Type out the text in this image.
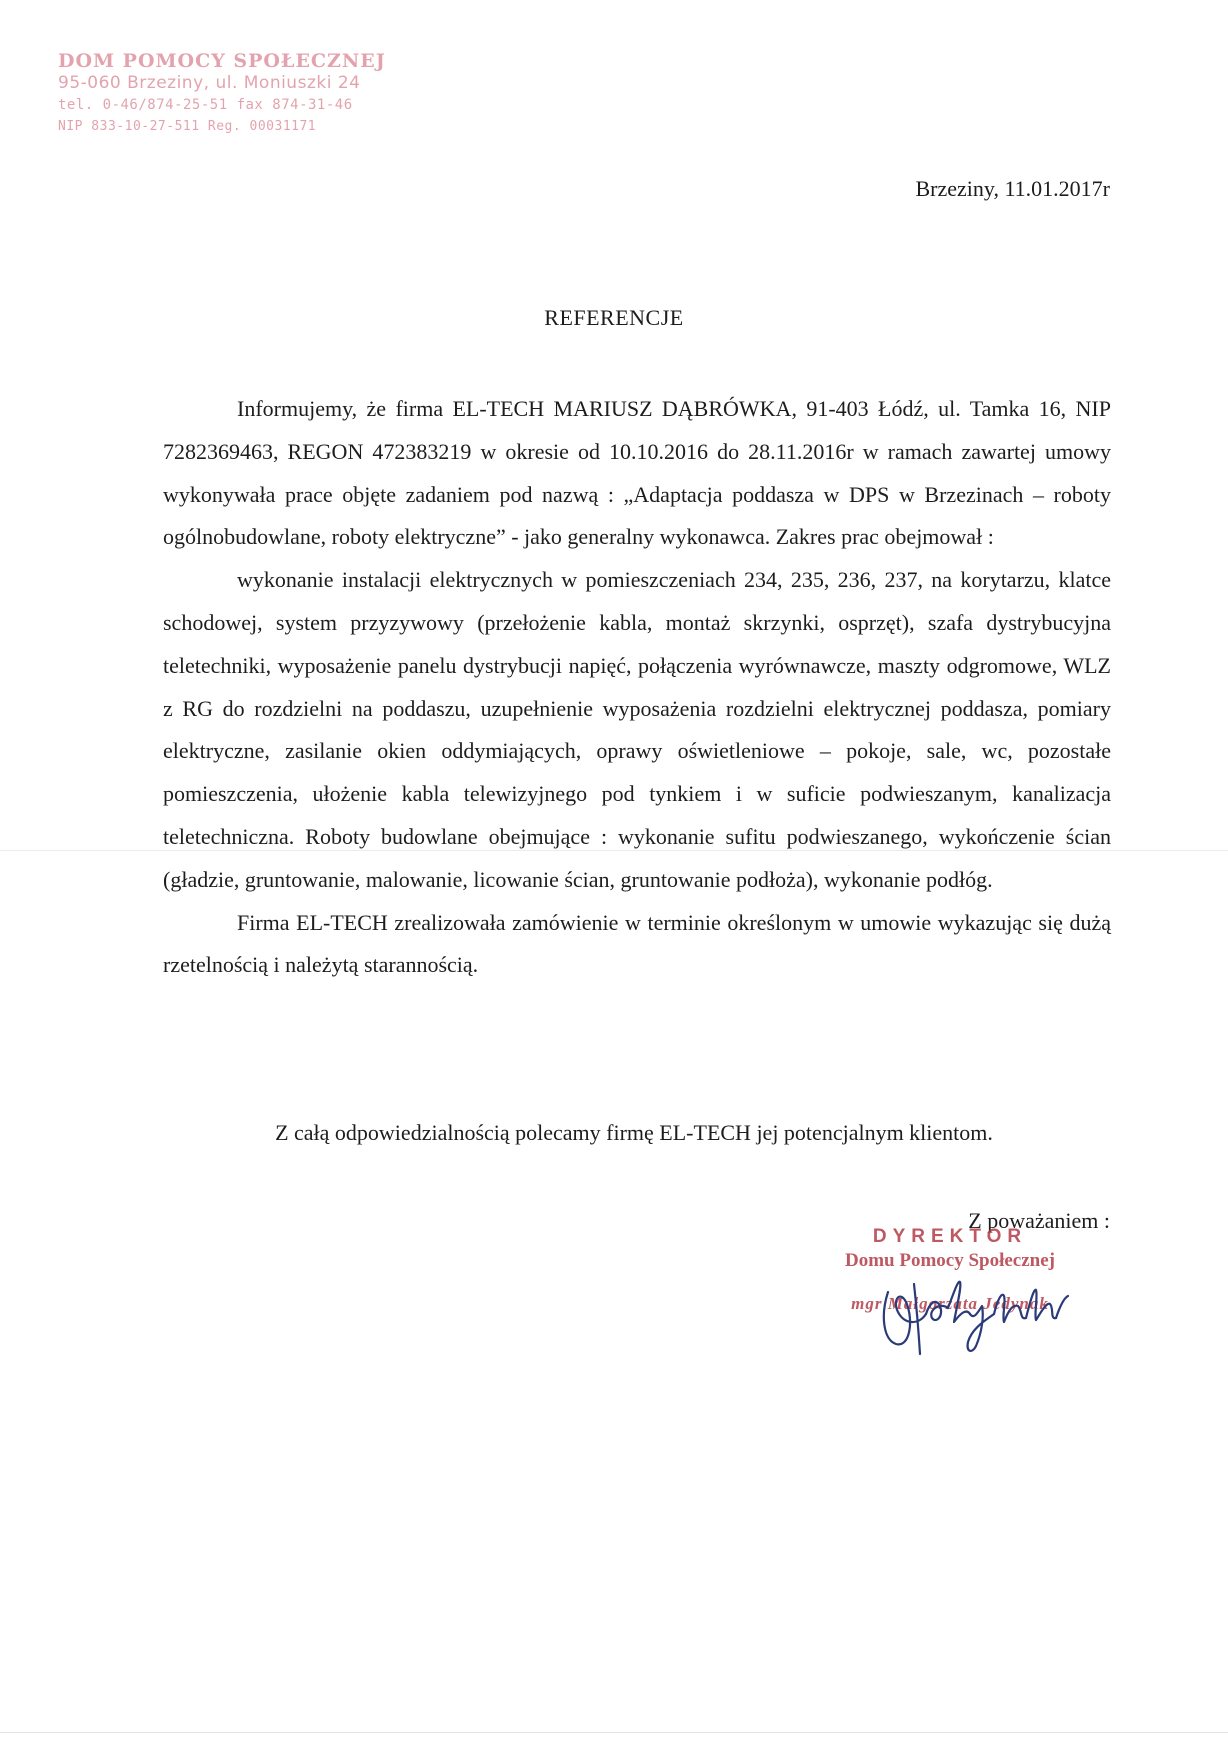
DOM POMOCY SPOŁECZNEJ
95-060 Brzeziny, ul. Moniuszki 24
tel. 0-46/874-25-51 fax 874-31-46
NIP 833-10-27-511 Reg. 00031171
Brzeziny, 11.01.2017r
REFERENCJE

Informujemy, że firma EL-TECH MARIUSZ DĄBRÓWKA, 91-403 Łódź, ul. Tamka 16, NIP 7282369463, REGON 472383219 w okresie od 10.10.2016 do 28.11.2016r w ramach zawartej umowy wykonywała prace objęte zadaniem pod nazwą : „Adaptacja poddasza w DPS w Brzezinach – roboty ogólnobudowlane, roboty elektryczne” - jako generalny wykonawca. Zakres prac obejmował :

wykonanie instalacji elektrycznych w pomieszczeniach 234, 235, 236, 237, na korytarzu, klatce schodowej, system przyzywowy (przełożenie kabla, montaż skrzynki, osprzęt), szafa dystrybucyjna teletechniki, wyposażenie panelu dystrybucji napięć, połączenia wyrównawcze, maszty odgromowe, WLZ z RG do rozdzielni na poddaszu, uzupełnienie wyposażenia rozdzielni elektrycznej poddasza, pomiary elektryczne, zasilanie okien oddymiających, oprawy oświetleniowe – pokoje, sale, wc, pozostałe pomieszczenia, ułożenie kabla telewizyjnego pod tynkiem i w suficie podwieszanym, kanalizacja teletechniczna. Roboty budowlane obejmujące : wykonanie sufitu podwieszanego, wykończenie ścian (gładzie, gruntowanie, malowanie, licowanie ścian, gruntowanie podłoża), wykonanie podłóg.

Firma EL-TECH zrealizowała zamówienie w terminie określonym w umowie wykazując się dużą rzetelnością i należytą starannością.

Z całą odpowiedzialnością polecamy firmę EL-TECH jej potencjalnym klientom.
Z poważaniem :
DYREKTOR
Domu Pomocy Społecznej
mgr Małgorzata Jedynak
